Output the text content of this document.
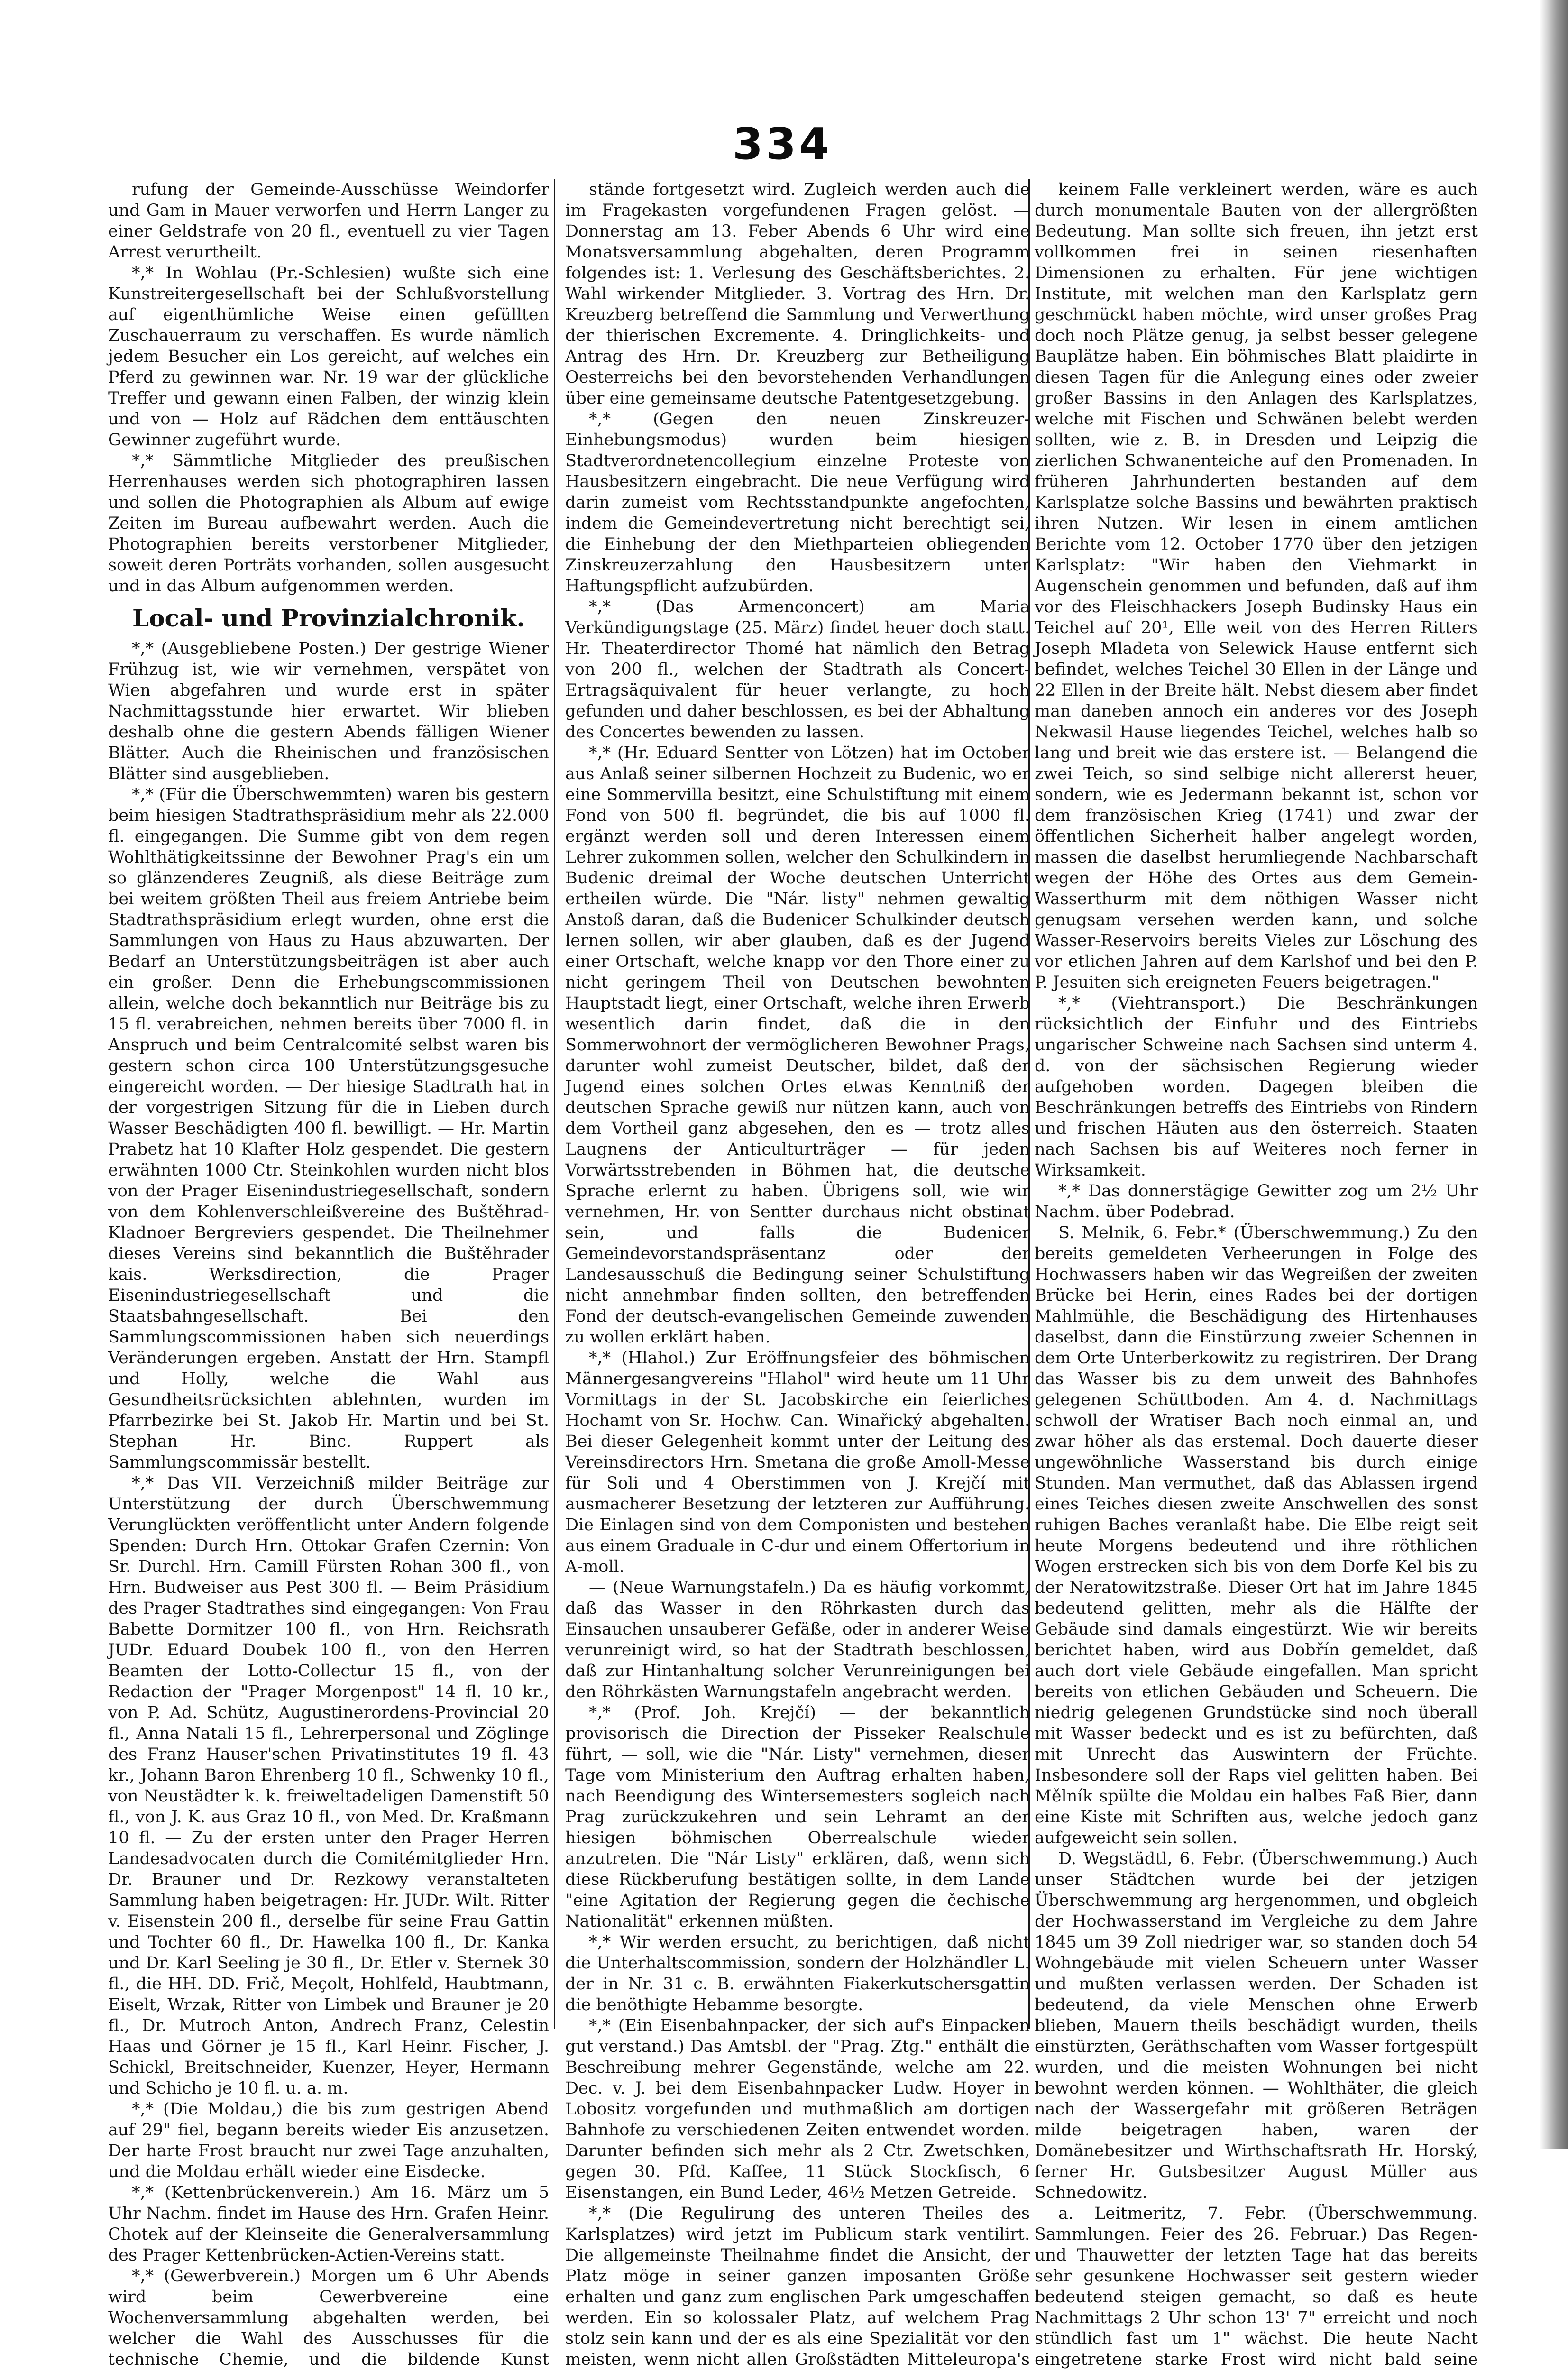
334

rufung der Gemeinde-Ausschüsse Weindorfer und Gam in Mauer verworfen und Herrn Langer zu einer Geldstrafe von 20 fl., eventuell zu vier Tagen Arrest verurtheilt.

*,* In Wohlau (Pr.-Schlesien) wußte sich eine Kunstreitergesellschaft bei der Schlußvorstellung auf eigenthümliche Weise einen gefüllten Zuschauerraum zu verschaffen. Es wurde nämlich jedem Besucher ein Los gereicht, auf welches ein Pferd zu gewinnen war. Nr. 19 war der glückliche Treffer und gewann einen Falben, der winzig klein und von — Holz auf Rädchen dem enttäuschten Gewinner zugeführt wurde.

*,* Sämmtliche Mitglieder des preußischen Herrenhauses werden sich photographiren lassen und sollen die Photographien als Album auf ewige Zeiten im Bureau aufbewahrt werden. Auch die Photographien bereits verstorbener Mitglieder, soweit deren Porträts vorhanden, sollen ausgesucht und in das Album aufgenommen werden.

Local- und Provinzialchronik.

*,* (Ausgebliebene Posten.) Der gestrige Wiener Frühzug ist, wie wir vernehmen, verspätet von Wien abgefahren und wurde erst in später Nachmittagsstunde hier erwartet. Wir blieben deshalb ohne die gestern Abends fälligen Wiener Blätter. Auch die Rheinischen und französischen Blätter sind ausgeblieben.

*,* (Für die Überschwemmten) waren bis gestern beim hiesigen Stadtrathspräsidium mehr als 22.000 fl. eingegangen. Die Summe gibt von dem regen Wohlthätigkeitssinne der Bewohner Prag's ein um so glänzenderes Zeugniß, als diese Beiträge zum bei weitem größten Theil aus freiem Antriebe beim Stadtrathspräsidium erlegt wurden, ohne erst die Sammlungen von Haus zu Haus abzuwarten. Der Bedarf an Unterstützungsbeiträgen ist aber auch ein großer. Denn die Erhebungscommissionen allein, welche doch bekanntlich nur Beiträge bis zu 15 fl. verabreichen, nehmen bereits über 7000 fl. in Anspruch und beim Centralcomité selbst waren bis gestern schon circa 100 Unterstützungsgesuche eingereicht worden. — Der hiesige Stadtrath hat in der vorgestrigen Sitzung für die in Lieben durch Wasser Beschädigten 400 fl. bewilligt. — Hr. Martin Prabetz hat 10 Klafter Holz gespendet. Die gestern erwähnten 1000 Ctr. Steinkohlen wurden nicht blos von der Prager Eisenindustriegesellschaft, sondern von dem Kohlenverschleißvereine des Buštěhrad-Kladnoer Bergreviers gespendet. Die Theilnehmer dieses Vereins sind bekanntlich die Buštěhrader kais. Werksdirection, die Prager Eisenindustriegesellschaft und die Staatsbahngesellschaft. Bei den Sammlungscommissionen haben sich neuerdings Veränderungen ergeben. Anstatt der Hrn. Stampfl und Holly, welche die Wahl aus Gesundheitsrücksichten ablehnten, wurden im Pfarrbezirke bei St. Jakob Hr. Martin und bei St. Stephan Hr. Binc. Ruppert als Sammlungscommissär bestellt.

*,* Das VII. Verzeichniß milder Beiträge zur Unterstützung der durch Überschwemmung Verunglückten veröffentlicht unter Andern folgende Spenden: Durch Hrn. Ottokar Grafen Czernin: Von Sr. Durchl. Hrn. Camill Fürsten Rohan 300 fl., von Hrn. Budweiser aus Pest 300 fl. — Beim Präsidium des Prager Stadtrathes sind eingegangen: Von Frau Babette Dormitzer 100 fl., von Hrn. Reichsrath JUDr. Eduard Doubek 100 fl., von den Herren Beamten der Lotto-Collectur 15 fl., von der Redaction der "Prager Morgenpost" 14 fl. 10 kr., von P. Ad. Schütz, Augustinerordens-Provincial 20 fl., Anna Natali 15 fl., Lehrerpersonal und Zöglinge des Franz Hauser'schen Privatinstitutes 19 fl. 43 kr., Johann Baron Ehrenberg 10 fl., Schwenky 10 fl., von Neustädter k. k. freiweltadeligen Damenstift 50 fl., von J. K. aus Graz 10 fl., von Med. Dr. Kraßmann 10 fl. — Zu der ersten unter den Prager Herren Landesadvocaten durch die Comitémitglieder Hrn. Dr. Brauner und Dr. Rezkowy veranstalteten Sammlung haben beigetragen: Hr. JUDr. Wilt. Ritter v. Eisenstein 200 fl., derselbe für seine Frau Gattin und Tochter 60 fl., Dr. Hawelka 100 fl., Dr. Kanka und Dr. Karl Seeling je 30 fl., Dr. Etler v. Sternek 30 fl., die HH. DD. Frič, Meçolt, Hohlfeld, Haubtmann, Eiselt, Wrzak, Ritter von Limbek und Brauner je 20 fl., Dr. Mutroch Anton, Andrech Franz, Celestin Haas und Görner je 15 fl., Karl Heinr. Fischer, J. Schickl, Breitschneider, Kuenzer, Heyer, Hermann und Schicho je 10 fl. u. a. m.

*,* (Die Moldau,) die bis zum gestrigen Abend auf 29" fiel, begann bereits wieder Eis anzusetzen. Der harte Frost braucht nur zwei Tage anzuhalten, und die Moldau erhält wieder eine Eisdecke.

*,* (Kettenbrückenverein.) Am 16. März um 5 Uhr Nachm. findet im Hause des Hrn. Grafen Heinr. Chotek auf der Kleinseite die Generalversammlung des Prager Kettenbrücken-Actien-Vereins statt.

*,* (Gewerbverein.) Morgen um 6 Uhr Abends wird beim Gewerbvereine eine Wochenversammlung abgehalten werden, bei welcher die Wahl des Ausschusses für die technische Chemie, und die bildende Kunst

stände fortgesetzt wird. Zugleich werden auch die im Fragekasten vorgefundenen Fragen gelöst. — Donnerstag am 13. Feber Abends 6 Uhr wird eine Monatsversammlung abgehalten, deren Programm folgendes ist: 1. Verlesung des Geschäftsberichtes. 2. Wahl wirkender Mitglieder. 3. Vortrag des Hrn. Dr. Kreuzberg betreffend die Sammlung und Verwerthung der thierischen Excremente. 4. Dringlichkeits- und Antrag des Hrn. Dr. Kreuzberg zur Betheiligung Oesterreichs bei den bevorstehenden Verhandlungen über eine gemeinsame deutsche Patentgesetzgebung.

*,* (Gegen den neuen Zinskreuzer-Einhebungsmodus) wurden beim hiesigen Stadtverordnetencollegium einzelne Proteste von Hausbesitzern eingebracht. Die neue Verfügung wird darin zumeist vom Rechtsstandpunkte angefochten, indem die Gemeindevertretung nicht berechtigt sei, die Einhebung der den Miethparteien obliegenden Zinskreuzerzahlung den Hausbesitzern unter Haftungspflicht aufzubürden.

*,* (Das Armenconcert) am Maria Verkündigungstage (25. März) findet heuer doch statt. Hr. Theaterdirector Thomé hat nämlich den Betrag von 200 fl., welchen der Stadtrath als Concert-Ertragsäquivalent für heuer verlangte, zu hoch gefunden und daher beschlossen, es bei der Abhaltung des Concertes bewenden zu lassen.

*,* (Hr. Eduard Sentter von Lötzen) hat im October aus Anlaß seiner silbernen Hochzeit zu Budenic, wo er eine Sommervilla besitzt, eine Schulstiftung mit einem Fond von 500 fl. begründet, die bis auf 1000 fl. ergänzt werden soll und deren Interessen einem Lehrer zukommen sollen, welcher den Schulkindern in Budenic dreimal der Woche deutschen Unterricht ertheilen würde. Die "Nár. listy" nehmen gewaltig Anstoß daran, daß die Budenicer Schulkinder deutsch lernen sollen, wir aber glauben, daß es der Jugend einer Ortschaft, welche knapp vor den Thore einer zu nicht geringem Theil von Deutschen bewohnten Hauptstadt liegt, einer Ortschaft, welche ihren Erwerb wesentlich darin findet, daß die in den Sommerwohnort der vermöglicheren Bewohner Prags, darunter wohl zumeist Deutscher, bildet, daß der Jugend eines solchen Ortes etwas Kenntniß der deutschen Sprache gewiß nur nützen kann, auch von dem Vortheil ganz abgesehen, den es — trotz alles Laugnens der Anticulturträger — für jeden Vorwärtsstrebenden in Böhmen hat, die deutsche Sprache erlernt zu haben. Übrigens soll, wie wir vernehmen, Hr. von Sentter durchaus nicht obstinat sein, und falls die Budenicer Gemeindevorstandspräsentanz oder der Landesausschuß die Bedingung seiner Schulstiftung nicht annehmbar finden sollten, den betreffenden Fond der deutsch-evangelischen Gemeinde zuwenden zu wollen erklärt haben.

*,* (Hlahol.) Zur Eröffnungsfeier des böhmischen Männergesangvereins "Hlahol" wird heute um 11 Uhr Vormittags in der St. Jacobskirche ein feierliches Hochamt von Sr. Hochw. Can. Winařický abgehalten. Bei dieser Gelegenheit kommt unter der Leitung des Vereinsdirectors Hrn. Smetana die große Amoll-Messe für Soli und 4 Oberstimmen von J. Krejčí mit ausmacherer Besetzung der letzteren zur Aufführung. Die Einlagen sind von dem Componisten und bestehen aus einem Graduale in C-dur und einem Offertorium in A-moll.

— (Neue Warnungstafeln.) Da es häufig vorkommt, daß das Wasser in den Röhrkasten durch das Einsauchen unsauberer Gefäße, oder in anderer Weise verunreinigt wird, so hat der Stadtrath beschlossen, daß zur Hintanhaltung solcher Verunreinigungen bei den Röhrkästen Warnungstafeln angebracht werden.

*,* (Prof. Joh. Krejčí) — der bekanntlich provisorisch die Direction der Pisseker Realschule führt, — soll, wie die "Nár. Listy" vernehmen, dieser Tage vom Ministerium den Auftrag erhalten haben, nach Beendigung des Wintersemesters sogleich nach Prag zurückzukehren und sein Lehramt an der hiesigen böhmischen Oberrealschule wieder anzutreten. Die "Nár Listy" erklären, daß, wenn sich diese Rückberufung bestätigen sollte, in dem Lande "eine Agitation der Regierung gegen die čechische Nationalität" erkennen müßten.

*,* Wir werden ersucht, zu berichtigen, daß nicht die Unterhaltscommission, sondern der Holzhändler L. der in Nr. 31 c. B. erwähnten Fiakerkutschersgattin die benöthigte Hebamme besorgte.

*,* (Ein Eisenbahnpacker, der sich auf's Einpacken gut verstand.) Das Amtsbl. der "Prag. Ztg." enthält die Beschreibung mehrer Gegenstände, welche am 22. Dec. v. J. bei dem Eisenbahnpacker Ludw. Hoyer in Lobositz vorgefunden und muthmaßlich am dortigen Bahnhofe zu verschiedenen Zeiten entwendet worden. Darunter befinden sich mehr als 2 Ctr. Zwetschken, gegen 30. Pfd. Kaffee, 11 Stück Stockfisch, 6 Eisenstangen, ein Bund Leder, 46½ Metzen Getreide.

*,* (Die Regulirung des unteren Theiles des Karlsplatzes) wird jetzt im Publicum stark ventilirt. Die allgemeinste Theilnahme findet die Ansicht, der Platz möge in seiner ganzen imposanten Größe erhalten und ganz zum englischen Park umgeschaffen werden. Ein so kolossaler Platz, auf welchem Prag stolz sein kann und der es als eine Spezialität vor den meisten, wenn nicht allen Großstädten Mitteleuropa's

keinem Falle verkleinert werden, wäre es auch durch monumentale Bauten von der allergrößten Bedeutung. Man sollte sich freuen, ihn jetzt erst vollkommen frei in seinen riesenhaften Dimensionen zu erhalten. Für jene wichtigen Institute, mit welchen man den Karlsplatz gern geschmückt haben möchte, wird unser großes Prag doch noch Plätze genug, ja selbst besser gelegene Bauplätze haben. Ein böhmisches Blatt plaidirte in diesen Tagen für die Anlegung eines oder zweier großer Bassins in den Anlagen des Karlsplatzes, welche mit Fischen und Schwänen belebt werden sollten, wie z. B. in Dresden und Leipzig die zierlichen Schwanenteiche auf den Promenaden. In früheren Jahrhunderten bestanden auf dem Karlsplatze solche Bassins und bewährten praktisch ihren Nutzen. Wir lesen in einem amtlichen Berichte vom 12. October 1770 über den jetzigen Karlsplatz: "Wir haben den Viehmarkt in Augenschein genommen und befunden, daß auf ihm vor des Fleischhackers Joseph Budinsky Haus ein Teichel auf 20¹, Elle weit von des Herren Ritters Joseph Mladeta von Selewick Hause entfernt sich befindet, welches Teichel 30 Ellen in der Länge und 22 Ellen in der Breite hält. Nebst diesem aber findet man daneben annoch ein anderes vor des Joseph Nekwasil Hause liegendes Teichel, welches halb so lang und breit wie das erstere ist. — Belangend die zwei Teich, so sind selbige nicht allererst heuer, sondern, wie es Jedermann bekannt ist, schon vor dem französischen Krieg (1741) und zwar der öffentlichen Sicherheit halber angelegt worden, massen die daselbst herumliegende Nachbarschaft wegen der Höhe des Ortes aus dem Gemein-Wasserthurm mit dem nöthigen Wasser nicht genugsam versehen werden kann, und solche Wasser-Reservoirs bereits Vieles zur Löschung des vor etlichen Jahren auf dem Karlshof und bei den P. P. Jesuiten sich ereigneten Feuers beigetragen."

*,* (Viehtransport.) Die Beschränkungen rücksichtlich der Einfuhr und des Eintriebs ungarischer Schweine nach Sachsen sind unterm 4. d. von der sächsischen Regierung wieder aufgehoben worden. Dagegen bleiben die Beschränkungen betreffs des Eintriebs von Rindern und frischen Häuten aus den österreich. Staaten nach Sachsen bis auf Weiteres noch ferner in Wirksamkeit.

*,* Das donnerstägige Gewitter zog um 2½ Uhr Nachm. über Podebrad.

S. Melnik, 6. Febr.* (Überschwemmung.) Zu den bereits gemeldeten Verheerungen in Folge des Hochwassers haben wir das Wegreißen der zweiten Brücke bei Herin, eines Rades bei der dortigen Mahlmühle, die Beschädigung des Hirtenhauses daselbst, dann die Einstürzung zweier Schennen in dem Orte Unterberkowitz zu registriren. Der Drang das Wasser bis zu dem unweit des Bahnhofes gelegenen Schüttboden. Am 4. d. Nachmittags schwoll der Wratiser Bach noch einmal an, und zwar höher als das erstemal. Doch dauerte dieser ungewöhnliche Wasserstand bis durch einige Stunden. Man vermuthet, daß das Ablassen irgend eines Teiches diesen zweite Anschwellen des sonst ruhigen Baches veranlaßt habe. Die Elbe reigt seit heute Morgens bedeutend und ihre röthlichen Wogen erstrecken sich bis von dem Dorfe Kel bis zu der Neratowitzstraße. Dieser Ort hat im Jahre 1845 bedeutend gelitten, mehr als die Hälfte der Gebäude sind damals eingestürzt. Wie wir bereits berichtet haben, wird aus Dobřín gemeldet, daß auch dort viele Gebäude eingefallen. Man spricht bereits von etlichen Gebäuden und Scheuern. Die niedrig gelegenen Grundstücke sind noch überall mit Wasser bedeckt und es ist zu befürchten, daß mit Unrecht das Auswintern der Früchte. Insbesondere soll der Raps viel gelitten haben. Bei Mělník spülte die Moldau ein halbes Faß Bier, dann eine Kiste mit Schriften aus, welche jedoch ganz aufgeweicht sein sollen.

D. Wegstädtl, 6. Febr. (Überschwemmung.) Auch unser Städtchen wurde bei der jetzigen Überschwemmung arg hergenommen, und obgleich der Hochwasserstand im Vergleiche zu dem Jahre 1845 um 39 Zoll niedriger war, so standen doch 54 Wohngebäude mit vielen Scheuern unter Wasser und mußten verlassen werden. Der Schaden ist bedeutend, da viele Menschen ohne Erwerb blieben, Mauern theils beschädigt wurden, theils einstürzten, Geräthschaften vom Wasser fortgespült wurden, und die meisten Wohnungen bei nicht bewohnt werden können. — Wohlthäter, die gleich nach der Wassergefahr mit größeren Beträgen milde beigetragen haben, waren der Domänebesitzer und Wirthschaftsrath Hr. Horský, ferner Hr. Gutsbesitzer August Müller aus Schnedowitz.

a. Leitmeritz, 7. Febr. (Überschwemmung. Sammlungen. Feier des 26. Februar.) Das Regen- und Thauwetter der letzten Tage hat das bereits sehr gesunkene Hochwasser seit gestern wieder bedeutend steigen gemacht, so daß es heute Nachmittags 2 Uhr schon 13' 7" erreicht und noch stündlich fast um 1" wächst. Die heute Nacht eingetretene starke Frost wird nicht bald seine
